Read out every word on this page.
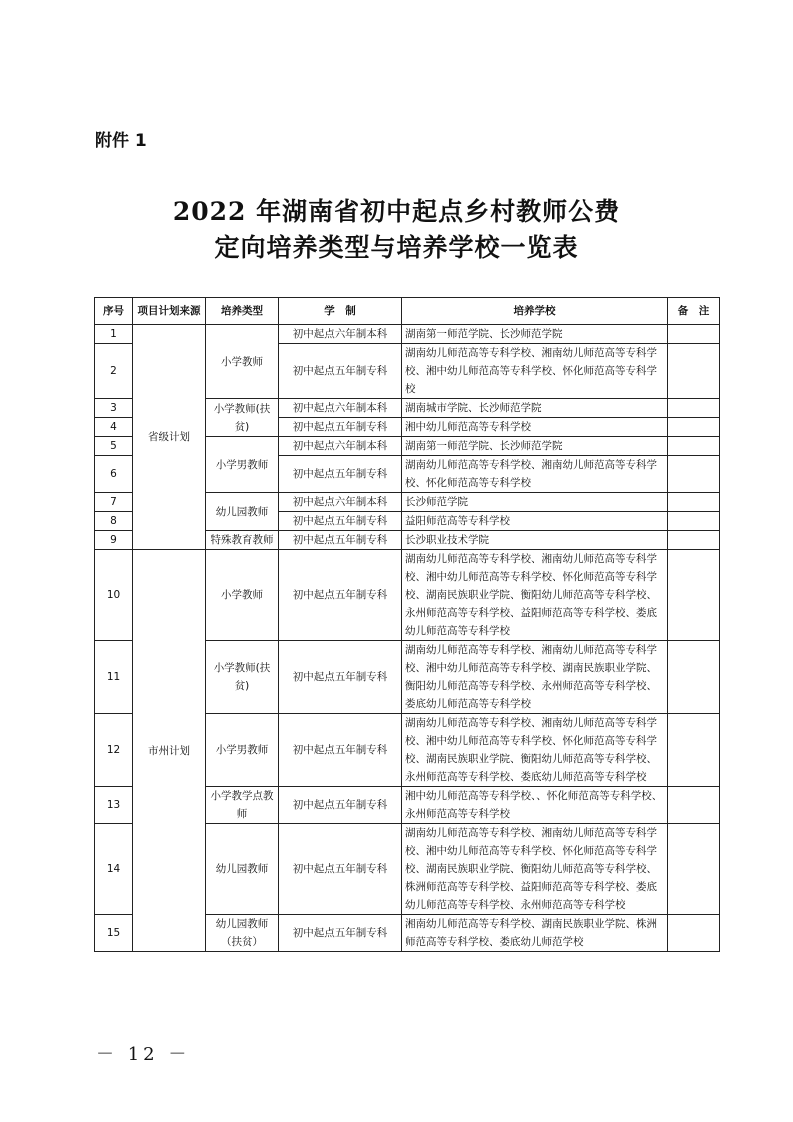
附件 1
2022 年湖南省初中起点乡村教师公费
定向培养类型与培养学校一览表
序号	项目计划来源	培养类型	学　制	培养学校	备　注
1	省级计划	小学教师	初中起点六年制本科	湖南第一师范学院、长沙师范学院	
2			初中起点五年制专科	湖南幼儿师范高等专科学校、湘南幼儿师范高等专科学校、湘中幼儿师范高等专科学校、怀化师范高等专科学校	
3		小学教师(扶贫)	初中起点六年制本科	湖南城市学院、长沙师范学院	
4			初中起点五年制专科	湘中幼儿师范高等专科学校	
5		小学男教师	初中起点六年制本科	湖南第一师范学院、长沙师范学院	
6			初中起点五年制专科	湖南幼儿师范高等专科学校、湘南幼儿师范高等专科学校、怀化师范高等专科学校	
7		幼儿园教师	初中起点六年制本科	长沙师范学院	
8			初中起点五年制专科	益阳师范高等专科学校	
9		特殊教育教师	初中起点五年制专科	长沙职业技术学院	
10	市州计划	小学教师	初中起点五年制专科	湖南幼儿师范高等专科学校、湘南幼儿师范高等专科学校、湘中幼儿师范高等专科学校、怀化师范高等专科学校、湖南民族职业学院、衡阳幼儿师范高等专科学校、永州师范高等专科学校、益阳师范高等专科学校、娄底幼儿师范高等专科学校	
11		小学教师(扶贫)	初中起点五年制专科	湖南幼儿师范高等专科学校、湘南幼儿师范高等专科学校、湘中幼儿师范高等专科学校、湖南民族职业学院、衡阳幼儿师范高等专科学校、永州师范高等专科学校、娄底幼儿师范高等专科学校	
12		小学男教师	初中起点五年制专科	湖南幼儿师范高等专科学校、湘南幼儿师范高等专科学校、湘中幼儿师范高等专科学校、怀化师范高等专科学校、湖南民族职业学院、衡阳幼儿师范高等专科学校、永州师范高等专科学校、娄底幼儿师范高等专科学校	
13		小学教学点教师	初中起点五年制专科	湘中幼儿师范高等专科学校、、怀化师范高等专科学校、永州师范高等专科学校	
14		幼儿园教师	初中起点五年制专科	湖南幼儿师范高等专科学校、湘南幼儿师范高等专科学校、湘中幼儿师范高等专科学校、怀化师范高等专科学校、湖南民族职业学院、衡阳幼儿师范高等专科学校、株洲师范高等专科学校、益阳师范高等专科学校、娄底幼儿师范高等专科学校、永州师范高等专科学校	
15		幼儿园教师（扶贫）	初中起点五年制专科	湘南幼儿师范高等专科学校、湖南民族职业学院、株洲师范高等专科学校、娄底幼儿师范学校	
－ 12 －
